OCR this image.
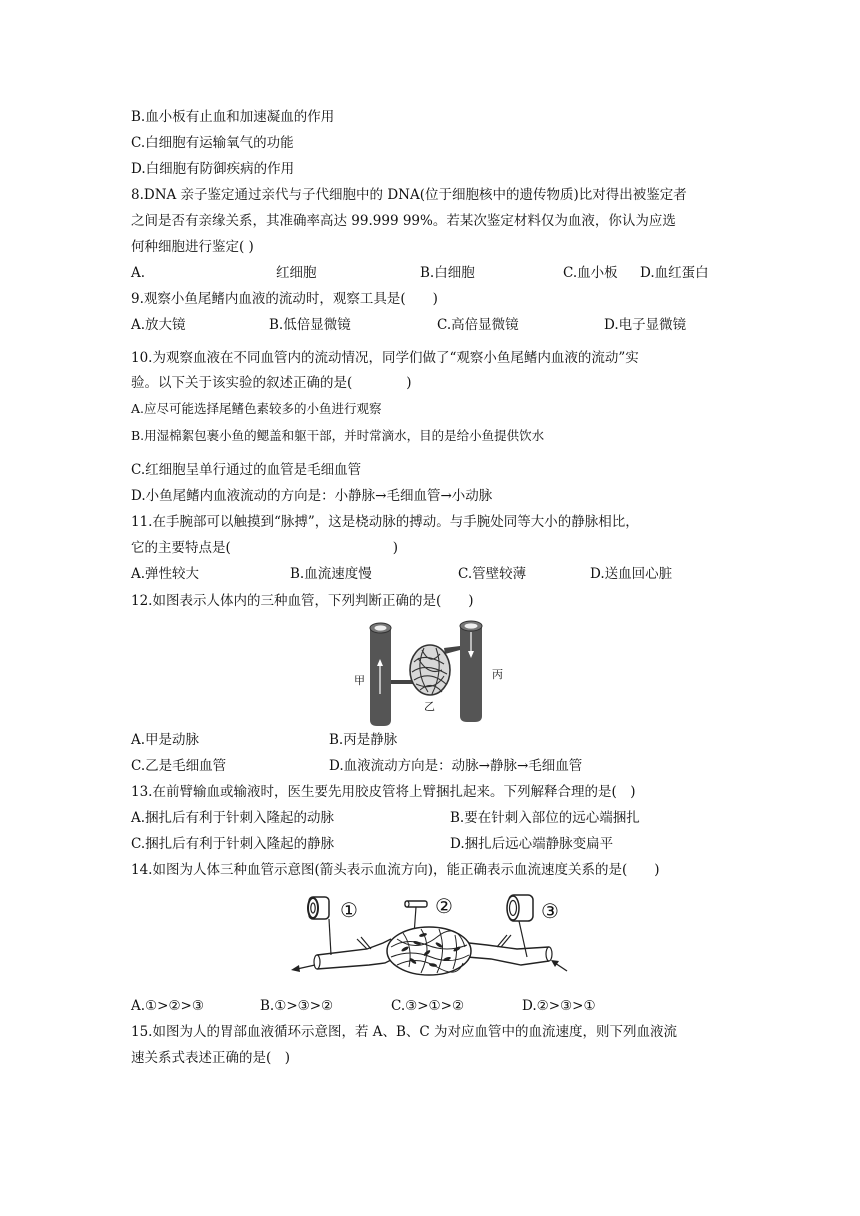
B.血小板有止血和加速凝血的作用
C.白细胞有运输氧气的功能
D.白细胞有防御疾病的作用
8.DNA 亲子鉴定通过亲代与子代细胞中的 DNA(位于细胞核中的遗传物质)比对得出被鉴定者
之间是否有亲缘关系，其准确率高达 99.999 99%。若某次鉴定材料仅为血液，你认为应选
何种细胞进行鉴定( )
A.	红细胞	B.白细胞	C.血小板 D.血红蛋白
9.观察小鱼尾鳍内血液的流动时，观察工具是(　　)
A.放大镜	B.低倍显微镜	C.高倍显微镜	D.电子显微镜
10.为观察血液在不同血管内的流动情况，同学们做了“观察小鱼尾鳍内血液的流动”实
验。以下关于该实验的叙述正确的是(　　　　)
A.应尽可能选择尾鳍色素较多的小鱼进行观察
B.用湿棉絮包裹小鱼的鳃盖和躯干部，并时常滴水，目的是给小鱼提供饮水
C.红细胞呈单行通过的血管是毛细血管
D.小鱼尾鳍内血液流动的方向是：小静脉→毛细血管→小动脉
11.在手腕部可以触摸到“脉搏”，这是桡动脉的搏动。与手腕处同等大小的静脉相比，
它的主要特点是(　　　　　　　　　　　　)
A.弹性较大	B.血流速度慢	C.管壁较薄	D.送血回心脏
12.如图表示人体内的三种血管，下列判断正确的是(　　)
甲
乙
丙
A.甲是动脉	B.丙是静脉
C.乙是毛细血管	D.血液流动方向是：动脉→静脉→毛细血管
13.在前臂输血或输液时，医生要先用胶皮管将上臂捆扎起来。下列解释合理的是(　)
A.捆扎后有利于针刺入隆起的动脉	B.要在针刺入部位的远心端捆扎
C.捆扎后有利于针刺入隆起的静脉	D.捆扎后远心端静脉变扁平
14.如图为人体三种血管示意图(箭头表示血流方向)，能正确表示血流速度关系的是(　　)
①	②	③
A.①>②>③	B.①>③>②	C.③>①>②	D.②>③>①
15.如图为人的胃部血液循环示意图，若 A、B、C 为对应血管中的血流速度，则下列血液流
速关系式表述正确的是(　)
